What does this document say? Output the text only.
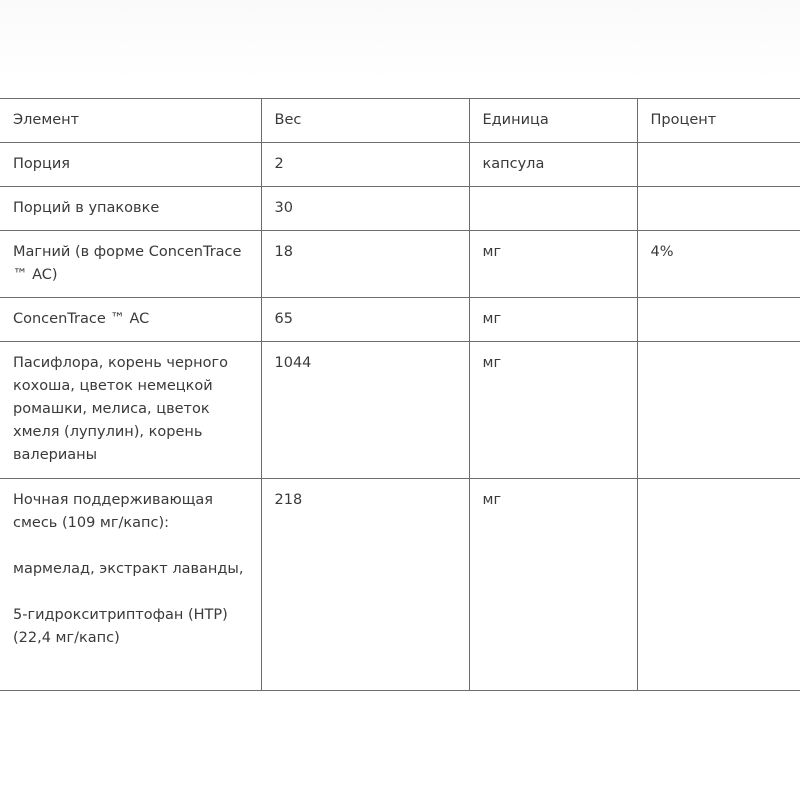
Элемент	Вес	Единица	Процент
Порция	2	капсула	
Порций в упаковке	30		
Магний (в форме ConcenTrace ™ AC)	18	мг	4%
ConcenTrace ™ AC	65	мг	
Пасифлора, корень черного кохоша, цветок немецкой ромашки, мелиса, цветок хмеля (лупулин), корень валерианы	1044	мг	

Ночная поддерживающая смесь (109 мг/капс):

мармелад, экстракт лаванды,

5-гидрокситриптофан (HTP) (22,4 мг/капс)	218	мг	
